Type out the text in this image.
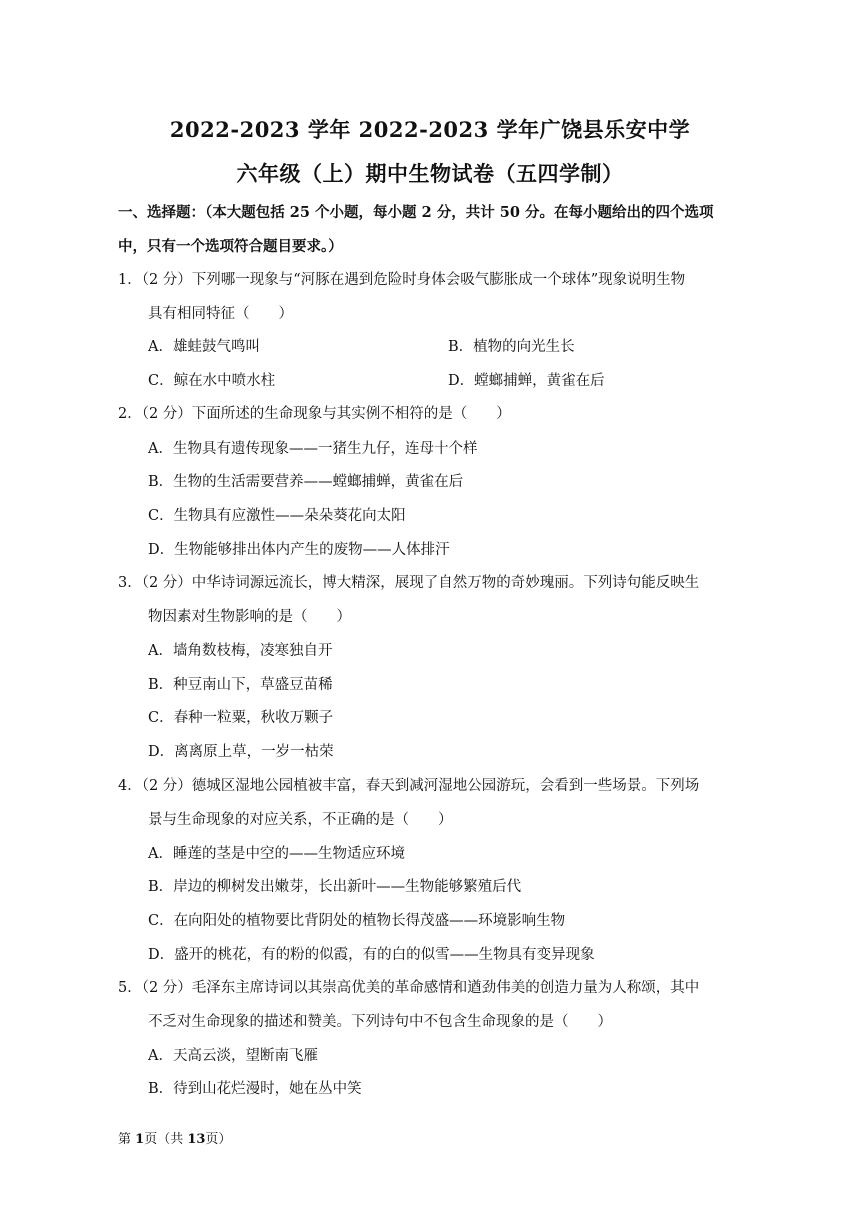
2022-2023 学年 2022-2023 学年广饶县乐安中学
六年级（上）期中生物试卷（五四学制）
一、选择题：（本大题包括 25 个小题，每小题 2 分，共计 50 分。在每小题给出的四个选项
中，只有一个选项符合题目要求。）
1．（2 分）下列哪一现象与“河豚在遇到危险时身体会吸气膨胀成一个球体”现象说明生物
具有相同特征（　　）
A．雄蛙鼓气鸣叫	B．植物的向光生长
C．鲸在水中喷水柱	D．螳螂捕蝉，黄雀在后
2．（2 分）下面所述的生命现象与其实例不相符的是（　　）
A．生物具有遗传现象——一猪生九仔，连母十个样
B．生物的生活需要营养——螳螂捕蝉，黄雀在后
C．生物具有应激性——朵朵葵花向太阳
D．生物能够排出体内产生的废物——人体排汗
3．（2 分）中华诗词源远流长，博大精深，展现了自然万物的奇妙瑰丽。下列诗句能反映生
物因素对生物影响的是（　　）
A．墙角数枝梅，凌寒独自开
B．种豆南山下，草盛豆苗稀
C．春种一粒粟，秋收万颗子
D．离离原上草，一岁一枯荣
4．（2 分）德城区湿地公园植被丰富，春天到减河湿地公园游玩，会看到一些场景。下列场
景与生命现象的对应关系，不正确的是（　　）
A．睡莲的茎是中空的——生物适应环境
B．岸边的柳树发出嫩芽，长出新叶——生物能够繁殖后代
C．在向阳处的植物要比背阴处的植物长得茂盛——环境影响生物
D．盛开的桃花，有的粉的似霞，有的白的似雪——生物具有变异现象
5．（2 分）毛泽东主席诗词以其崇高优美的革命感情和遒劲伟美的创造力量为人称颂，其中
不乏对生命现象的描述和赞美。下列诗句中不包含生命现象的是（　　）
A．天高云淡，望断南飞雁
B．待到山花烂漫时，她在丛中笑
第 1页（共 13页）
